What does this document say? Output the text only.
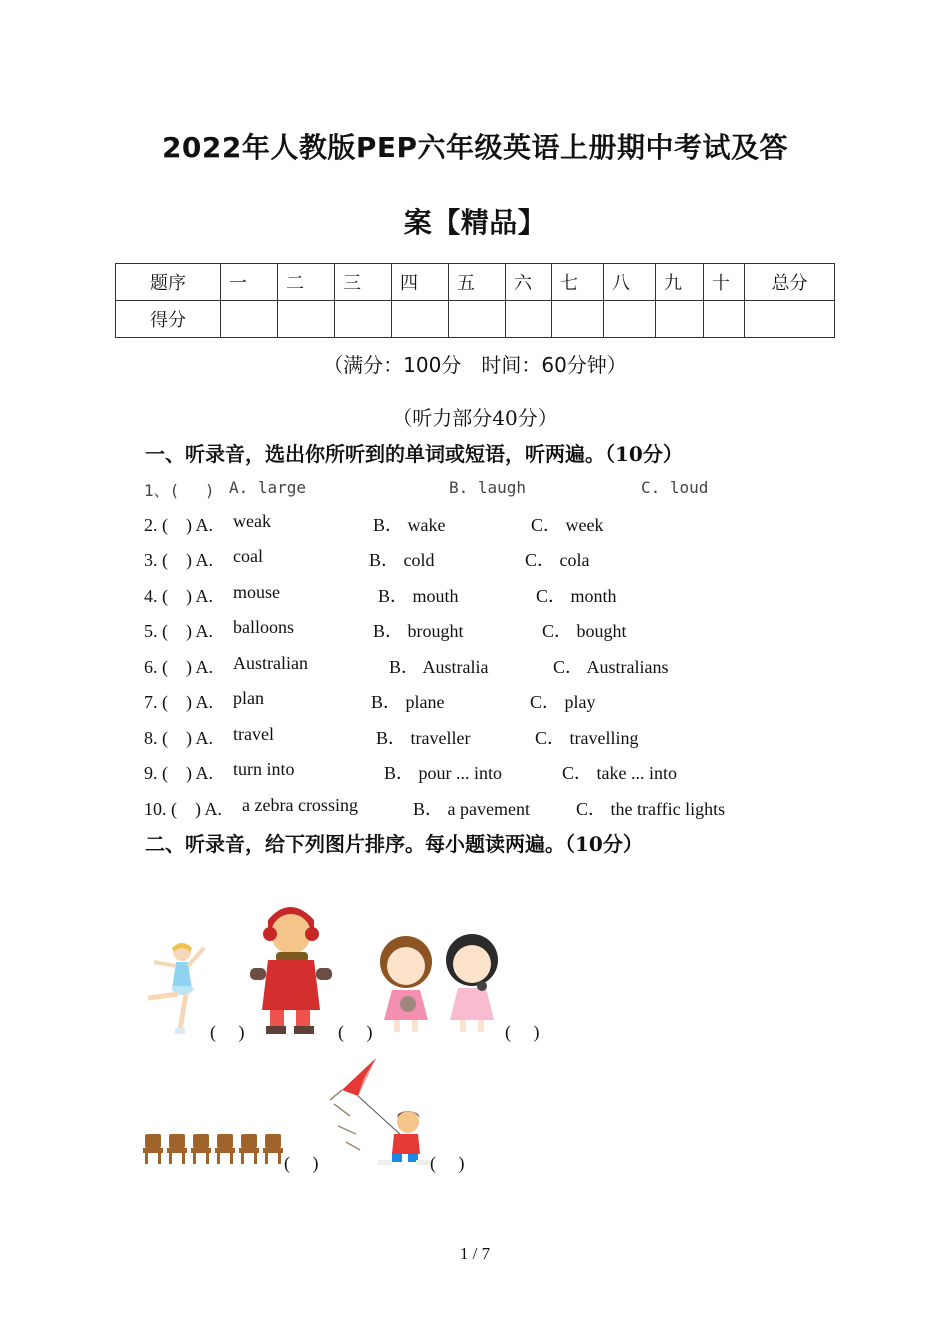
2022年人教版PEP六年级英语上册期中考试及答
案【精品】
题序	一	二	三	四	五	六	七	八	九	十	总分
得分											
（满分：100分　时间：60分钟）
（听力部分40分）
一、听录音，选出你所听到的单词或短语，听两遍。（10分）
1、(　 ) A. large	B. laugh	C. loud
2. (　) A. weak	B． wake	C． week
3. (　) A. coal	B． cold	C． cola
4. (　) A. mouse	B． mouth	C． month
5. (　) A. balloons	B． brought	C． bought
6. (　) A. Australian	B． Australia	C． Australians
7. (　) A. plan	B． plane	C． play
8. (　) A. travel	B． traveller	C． travelling
9. (　) A. turn into	B． pour ... into	C． take ... into
10. (　) A. a zebra crossing	B． a pavement	C． the traffic lights
二、听录音，给下列图片排序。每小题读两遍。（10分）
(　 )	(　 )	(　 )
(　 )	(　 )
1 / 7
